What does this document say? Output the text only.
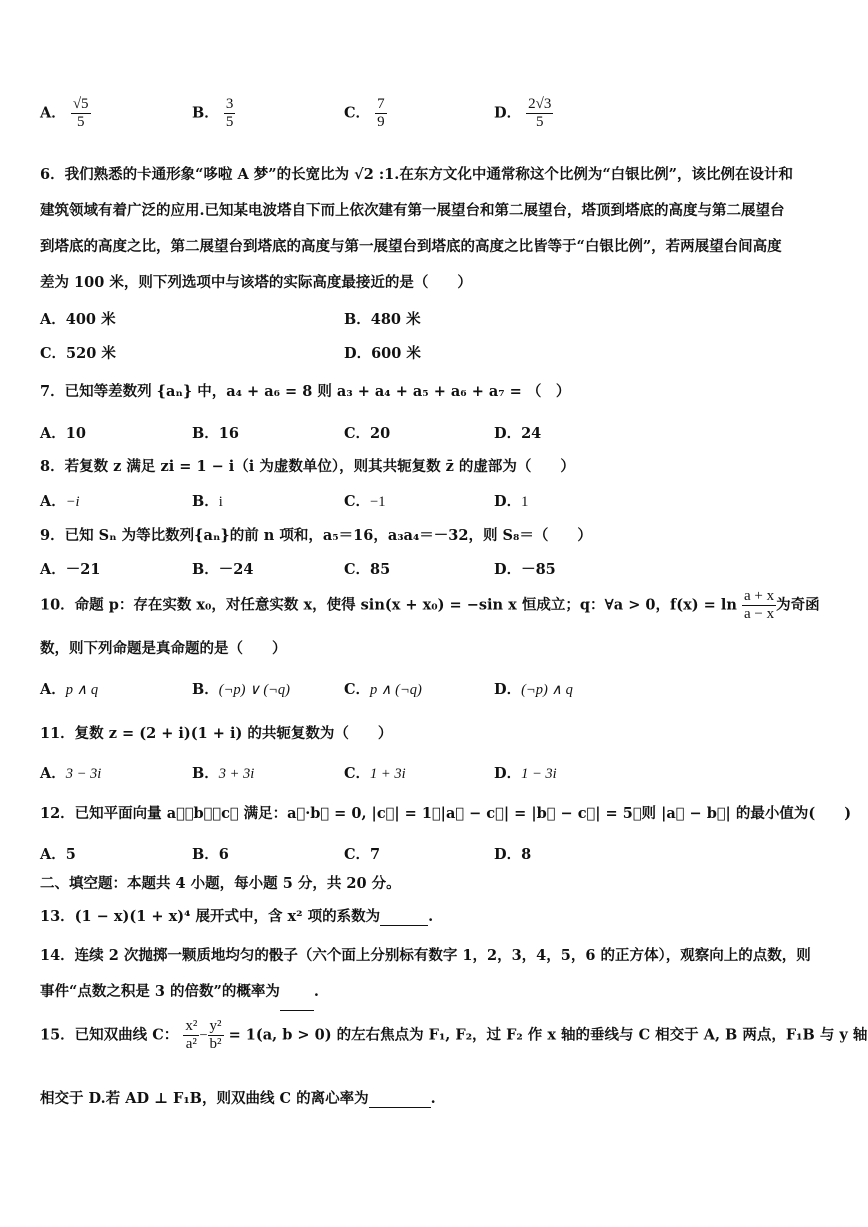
A． $\frac{√5}{5}$	B． $\frac{3}{5}$	C． $\frac{7}{9}$	D． $\frac{2√3}{5}$
6．我们熟悉的卡通形象“哆啦 A 梦”的长宽比为 √2 :1.在东方文化中通常称这个比例为“白银比例”，该比例在设计和
建筑领域有着广泛的应用.已知某电波塔自下而上依次建有第一展望台和第二展望台，塔顶到塔底的高度与第二展望台
到塔底的高度之比，第二展望台到塔底的高度与第一展望台到塔底的高度之比皆等于“白银比例”，若两展望台间高度
差为 100 米，则下列选项中与该塔的实际高度最接近的是（　　）
A．400 米	B．480 米
C．520 米	D．600 米
7．已知等差数列 {aₙ} 中，a₄ + a₆ = 8 则 a₃ + a₄ + a₅ + a₆ + a₇ = （　）
A．10	B．16	C．20	D．24
8．若复数 z 满足 zi = 1 − i（i 为虚数单位），则其共轭复数 z̄ 的虚部为（　　）
A．−i	B．i	C．−1	D．1
9．已知 Sₙ 为等比数列{aₙ}的前 n 项和，a₅＝16，a₃a₄＝－32，则 S₈＝（　　）
A．－21	B．－24	C．85	D．－85
10．命题 p：存在实数 x₀，对任意实数 x，使得 sin(x + x₀) = −sin x 恒成立；q：∀a > 0，$f(x) = \ln \frac{a + x}{a - x}$ 为奇函
数，则下列命题是真命题的是（　　）
A．p ∧ q	B．(¬p) ∨ (¬q)	C．p ∧ (¬q)	D．(¬p) ∧ q
11．复数 z = (2 + i)(1 + i) 的共轭复数为（　　）
A．3 − 3i	B．3 + 3i	C．1 + 3i	D．1 − 3i
12．已知平面向量 a⃗，b⃗，c⃗ 满足：a⃗·b⃗ = 0, |c⃗| = 1，|a⃗ − c⃗| = |b⃗ − c⃗| = 5，则 |a⃗ − b⃗| 的最小值为(　　)
A．5	B．6	C．7	D．8
二、填空题：本题共 4 小题，每小题 5 分，共 20 分。
13．(1 − x)(1 + x)⁴ 展开式中，含 x² 项的系数为	.
14．连续 2 次抛掷一颗质地均匀的骰子（六个面上分别标有数字 1，2，3，4，5，6 的正方体），观察向上的点数，则
事件“点数之积是 3 的倍数”的概率为 .
15．已知双曲线 C： $\frac{\text{x²}}{\text{a²}} - \frac{\text{y²}}{\text{b²}} = 1(a$, b > 0) 的左右焦点为 F₁, F₂，过 F₂ 作 x 轴的垂线与 C 相交于 A, B 两点，F₁B 与 y 轴
相交于 D.若 AD ⊥ F₁B，则双曲线 C 的离心率为	.
